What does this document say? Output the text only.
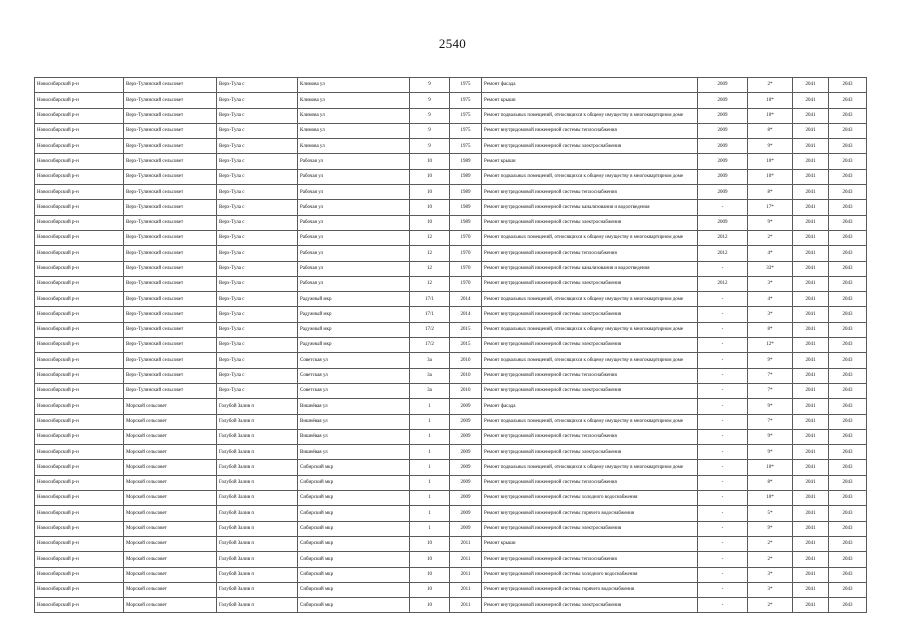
2540
Новосибирский р-н	Верх-Тулинский сельсовет	Верх-Тула с	Климова ул	9	1975	Ремонт фасада	2009	2*	2041	2043
Новосибирский р-н	Верх-Тулинский сельсовет	Верх-Тула с	Климова ул	9	1975	Ремонт крыши	2009	10*	2041	2043
Новосибирский р-н	Верх-Тулинский сельсовет	Верх-Тула с	Климова ул	9	1975	Ремонт подвальных помещений, относящихся к общему имуществу в многоквартирном доме	2009	10*	2041	2043
Новосибирский р-н	Верх-Тулинский сельсовет	Верх-Тула с	Климова ул	9	1975	Ремонт внутридомовой инженерной системы теплоснабжения	2009	8*	2041	2043
Новосибирский р-н	Верх-Тулинский сельсовет	Верх-Тула с	Климова ул	9	1975	Ремонт внутридомовой инженерной системы электроснабжения	2009	9*	2041	2043
Новосибирский р-н	Верх-Тулинский сельсовет	Верх-Тула с	Рабочая ул	10	1989	Ремонт крыши	2009	10*	2041	2043
Новосибирский р-н	Верх-Тулинский сельсовет	Верх-Тула с	Рабочая ул	10	1989	Ремонт подвальных помещений, относящихся к общему имуществу в многоквартирном доме	2009	10*	2041	2043
Новосибирский р-н	Верх-Тулинский сельсовет	Верх-Тула с	Рабочая ул	10	1989	Ремонт внутридомовой инженерной системы теплоснабжения	2009	8*	2041	2043
Новосибирский р-н	Верх-Тулинский сельсовет	Верх-Тула с	Рабочая ул	10	1989	Ремонт внутридомовой инженерной системы канализования и водоотведения	-	17*	2041	2043
Новосибирский р-н	Верх-Тулинский сельсовет	Верх-Тула с	Рабочая ул	10	1989	Ремонт внутридомовой инженерной системы электроснабжения	2009	9*	2041	2043
Новосибирский р-н	Верх-Тулинский сельсовет	Верх-Тула с	Рабочая ул	12	1970	Ремонт подвальных помещений, относящихся к общему имуществу в многоквартирном доме	2012	2*	2041	2043
Новосибирский р-н	Верх-Тулинский сельсовет	Верх-Тула с	Рабочая ул	12	1970	Ремонт внутридомовой инженерной системы теплоснабжения	2012	4*	2041	2043
Новосибирский р-н	Верх-Тулинский сельсовет	Верх-Тула с	Рабочая ул	12	1970	Ремонт внутридомовой инженерной системы канализования и водоотведения	-	33*	2041	2043
Новосибирский р-н	Верх-Тулинский сельсовет	Верх-Тула с	Рабочая ул	12	1970	Ремонт внутридомовой инженерной системы электроснабжения	2012	3*	2041	2043
Новосибирский р-н	Верх-Тулинский сельсовет	Верх-Тула с	Радужный мкр	17/1	2014	Ремонт подвальных помещений, относящихся к общему имуществу в многоквартирном доме	-	4*	2041	2043
Новосибирский р-н	Верх-Тулинский сельсовет	Верх-Тула с	Радужный мкр	17/1	2014	Ремонт внутридомовой инженерной системы электроснабжения	-	3*	2041	2043
Новосибирский р-н	Верх-Тулинский сельсовет	Верх-Тула с	Радужный мкр	17/2	2015	Ремонт подвальных помещений, относящихся к общему имуществу в многоквартирном доме	-	8*	2041	2043
Новосибирский р-н	Верх-Тулинский сельсовет	Верх-Тула с	Радужный мкр	17/2	2015	Ремонт внутридомовой инженерной системы электроснабжения	-	12*	2041	2043
Новосибирский р-н	Верх-Тулинский сельсовет	Верх-Тула с	Советская ул	3а	2010	Ремонт подвальных помещений, относящихся к общему имуществу в многоквартирном доме	-	9*	2041	2043
Новосибирский р-н	Верх-Тулинский сельсовет	Верх-Тула с	Советская ул	3а	2010	Ремонт внутридомовой инженерной системы теплоснабжения	-	7*	2041	2043
Новосибирский р-н	Верх-Тулинский сельсовет	Верх-Тула с	Советская ул	3а	2010	Ремонт внутридомовой инженерной системы электроснабжения	-	7*	2041	2043
Новосибирский р-н	Морской сельсовет	Голубой Залив п	Вишнёвая ул	1	2009	Ремонт фасада	-	9*	2041	2043
Новосибирский р-н	Морской сельсовет	Голубой Залив п	Вишнёвая ул	1	2009	Ремонт подвальных помещений, относящихся к общему имуществу в многоквартирном доме	-	7*	2041	2043
Новосибирский р-н	Морской сельсовет	Голубой Залив п	Вишнёвая ул	1	2009	Ремонт внутридомовой инженерной системы теплоснабжения	-	9*	2041	2043
Новосибирский р-н	Морской сельсовет	Голубой Залив п	Вишнёвая ул	1	2009	Ремонт внутридомовой инженерной системы электроснабжения	-	9*	2041	2043
Новосибирский р-н	Морской сельсовет	Голубой Залив п	Сибирский мкр	1	2009	Ремонт подвальных помещений, относящихся к общему имуществу в многоквартирном доме	-	10*	2041	2043
Новосибирский р-н	Морской сельсовет	Голубой Залив п	Сибирский мкр	1	2009	Ремонт внутридомовой инженерной системы теплоснабжения	-	8*	2041	2043
Новосибирский р-н	Морской сельсовет	Голубой Залив п	Сибирский мкр	1	2009	Ремонт внутридомовой инженерной системы холодного водоснабжения	-	10*	2041	2043
Новосибирский р-н	Морской сельсовет	Голубой Залив п	Сибирский мкр	1	2009	Ремонт внутридомовой инженерной системы горячего водоснабжения	-	5*	2041	2043
Новосибирский р-н	Морской сельсовет	Голубой Залив п	Сибирский мкр	1	2009	Ремонт внутридомовой инженерной системы электроснабжения	-	9*	2041	2043
Новосибирский р-н	Морской сельсовет	Голубой Залив п	Сибирский мкр	10	2011	Ремонт крыши	-	2*	2041	2043
Новосибирский р-н	Морской сельсовет	Голубой Залив п	Сибирский мкр	10	2011	Ремонт внутридомовой инженерной системы теплоснабжения	-	2*	2041	2043
Новосибирский р-н	Морской сельсовет	Голубой Залив п	Сибирский мкр	10	2011	Ремонт внутридомовой инженерной системы холодного водоснабжения	-	3*	2041	2043
Новосибирский р-н	Морской сельсовет	Голубой Залив п	Сибирский мкр	10	2011	Ремонт внутридомовой инженерной системы горячего водоснабжения	-	3*	2041	2043
Новосибирский р-н	Морской сельсовет	Голубой Залив п	Сибирский мкр	10	2011	Ремонт внутридомовой инженерной системы электроснабжения	-	2*	2041	2043
